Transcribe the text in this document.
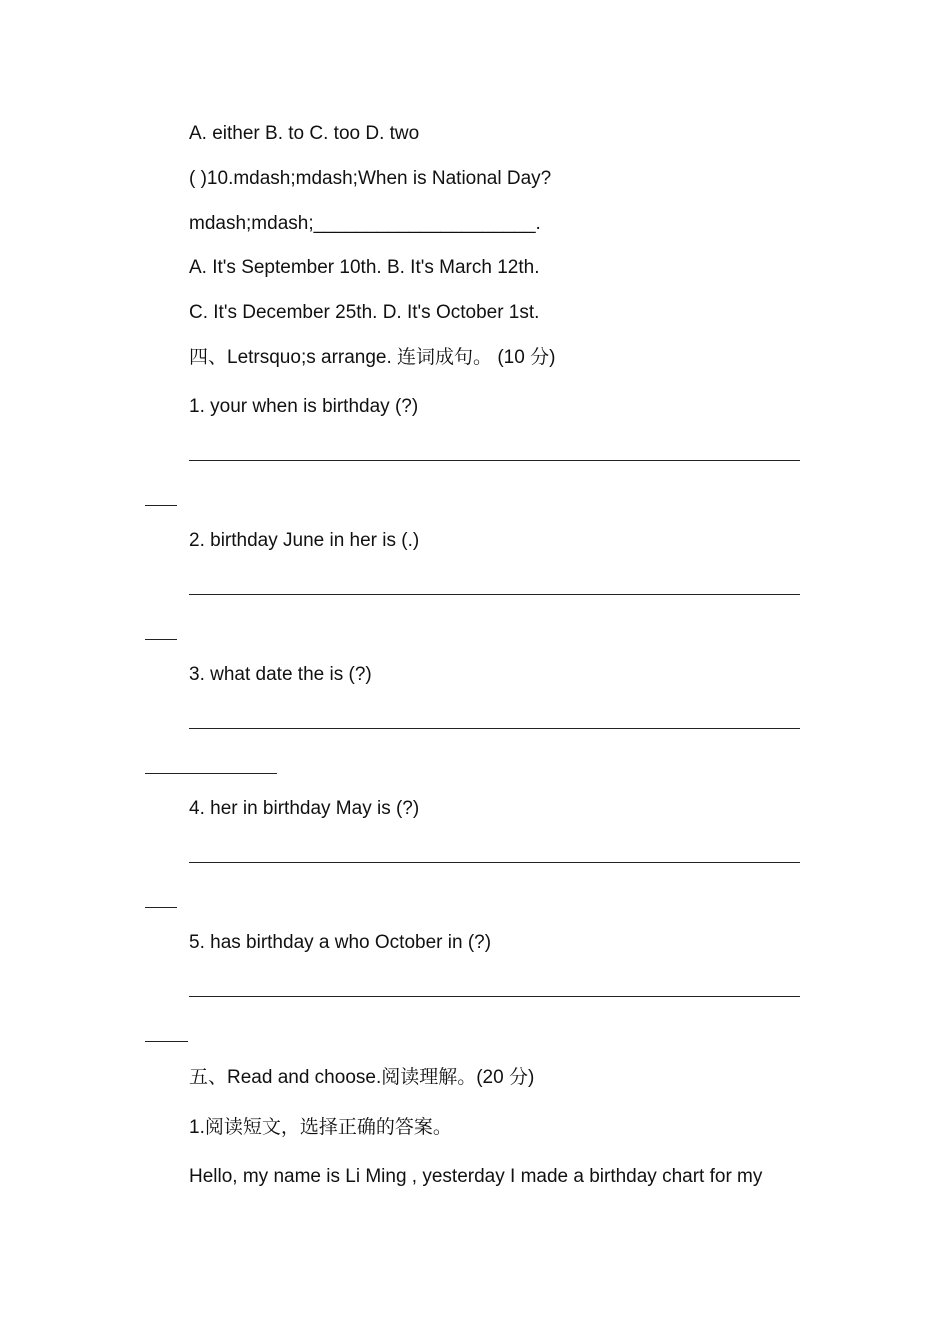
A. either B. to C. too D. two
( )10.mdash;mdash;When is National Day?
mdash;mdash;_____________________.
A. It's September 10th. B. It's March 12th.
C. It's December 25th. D. It's October 1st.
四、Letrsquo;s arrange. 连词成句。 (10 分)
1. your when is birthday (?)
2. birthday June in her is (.)
3. what date the is (?)
4. her in birthday May is (?)
5. has birthday a who October in (?)
五、Read and choose.阅读理解。(20 分)
1.阅读短文，选择正确的答案。
Hello, my name is Li Ming , yesterday I made a birthday chart for my
